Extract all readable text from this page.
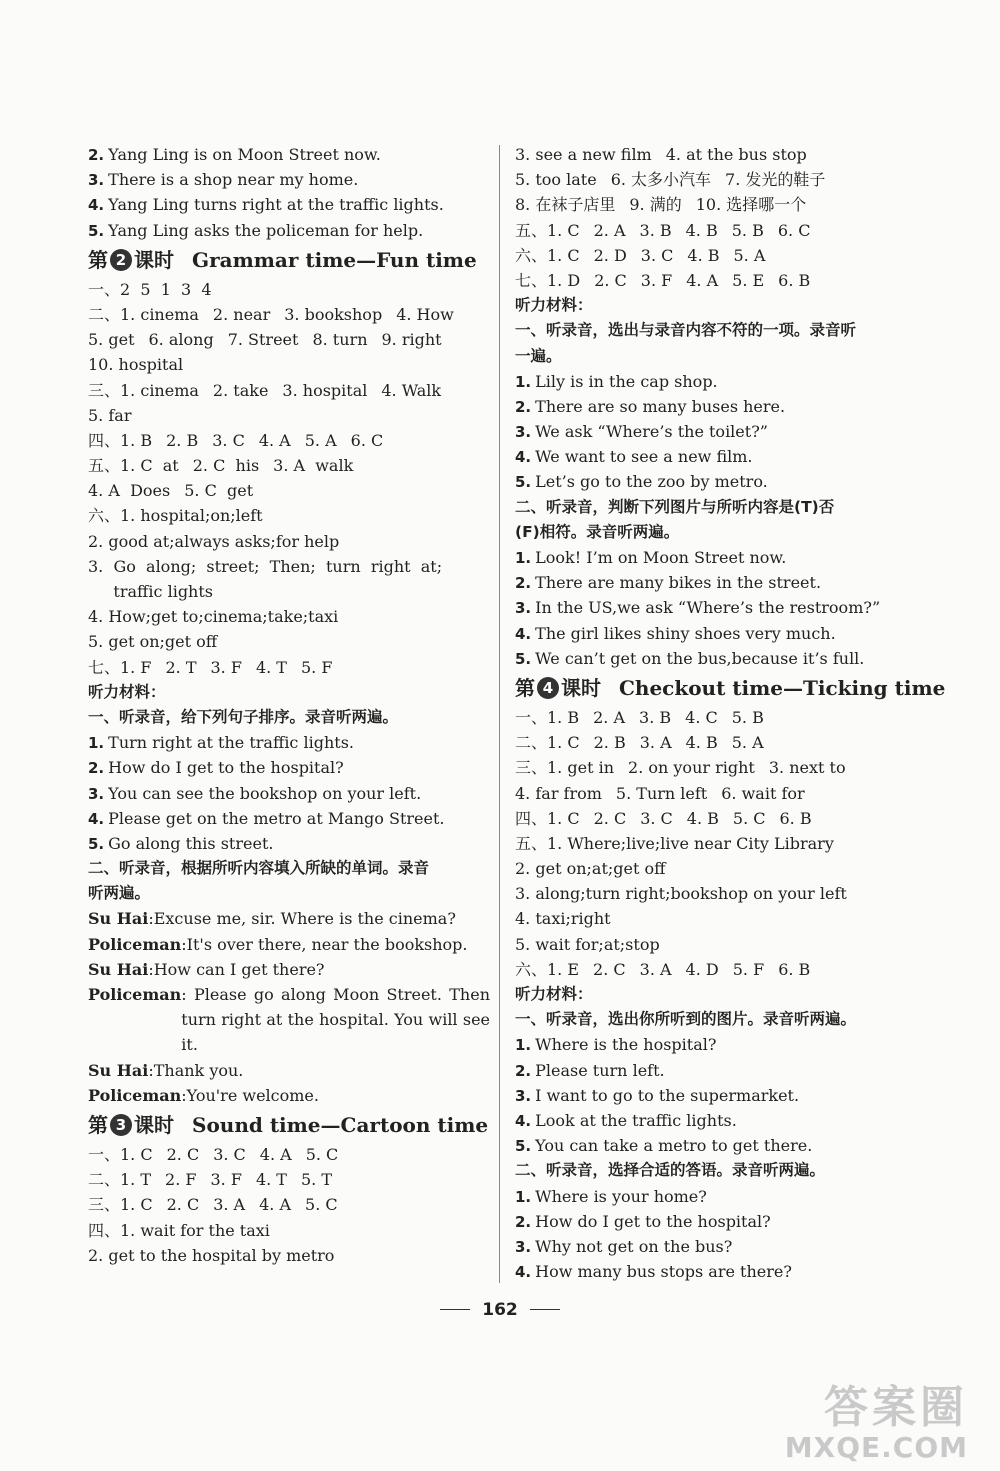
2. Yang Ling is on Moon Street now.
3. There is a shop near my home.
4. Yang Ling turns right at the traffic lights.
5. Yang Ling asks the policeman for help.
第 2 课时 Grammar time—Fun time
一、2  5  1  3  4
二、1. cinema 2. near 3. bookshop 4. How
5. get 6. along 7. Street 8. turn 9. right
10. hospital
三、1. cinema 2. take 3. hospital 4. Walk
5. far
四、1. B 2. B 3. C 4. A 5. A 6. C
五、1. C  at 2. C  his 3. A  walk
4. A  Does 5. C  get
六、1. hospital;on;left
2. good at;always asks;for help
3.  Go  along;  street;  Then;  turn  right  at;
traffic lights
4. How;get to;cinema;take;taxi
5. get on;get off
七、1. F 2. T 3. F 4. T 5. F
听力材料：
一、听录音，给下列句子排序。录音听两遍。
1. Turn right at the traffic lights.
2. How do I get to the hospital?
3. You can see the bookshop on your left.
4. Please get on the metro at Mango Street.
5. Go along this street.
二、听录音，根据所听内容填入所缺的单词。录音
听两遍。
Su Hai :Excuse me, sir. Where is the cinema?
Policeman :It's over there, near the bookshop.
Su Hai :How can I get there?
Policeman : Please go along Moon Street. Then turn right at the hospital. You will see it.
Su Hai :Thank you.
Policeman :You're welcome.
第 3 课时 Sound time—Cartoon time
一、1. C 2. C 3. C 4. A 5. C
二、1. T 2. F 3. F 4. T 5. T
三、1. C 2. C 3. A 4. A 5. C
四、1. wait for the taxi
2. get to the hospital by metro
3. see a new film 4. at the bus stop
5. too late 6. 太多小汽车 7. 发光的鞋子
8. 在袜子店里 9. 满的 10. 选择哪一个
五、1. C 2. A 3. B 4. B 5. B 6. C
六、1. C 2. D 3. C 4. B 5. A
七、1. D 2. C 3. F 4. A 5. E 6. B
听力材料：
一、听录音，选出与录音内容不符的一项。录音听
一遍。
1. Lily is in the cap shop.
2. There are so many buses here.
3. We ask “Where’s the toilet?”
4. We want to see a new film.
5. Let’s go to the zoo by metro.
二、听录音，判断下列图片与所听内容是(T)否
(F)相符。录音听两遍。
1. Look! I’m on Moon Street now.
2. There are many bikes in the street.
3. In the US,we ask “Where’s the restroom?”
4. The girl likes shiny shoes very much.
5. We can’t get on the bus,because it’s full.
第 4 课时 Checkout time—Ticking time
一、1. B 2. A 3. B 4. C 5. B
二、1. C 2. B 3. A 4. B 5. A
三、1. get in 2. on your right 3. next to
4. far from 5. Turn left 6. wait for
四、1. C 2. C 3. C 4. B 5. C 6. B
五、1. Where;live;live near City Library
2. get on;at;get off
3. along;turn right;bookshop on your left
4. taxi;right
5. wait for;at;stop
六、1. E 2. C 3. A 4. D 5. F 6. B
听力材料：
一、听录音，选出你所听到的图片。录音听两遍。
1. Where is the hospital?
2. Please turn left.
3. I want to go to the supermarket.
4. Look at the traffic lights.
5. You can take a metro to get there.
二、听录音，选择合适的答语。录音听两遍。
1. Where is your home?
2. How do I get to the hospital?
3. Why not get on the bus?
4. How many bus stops are there?
162
答案圈
MXQE.COM
